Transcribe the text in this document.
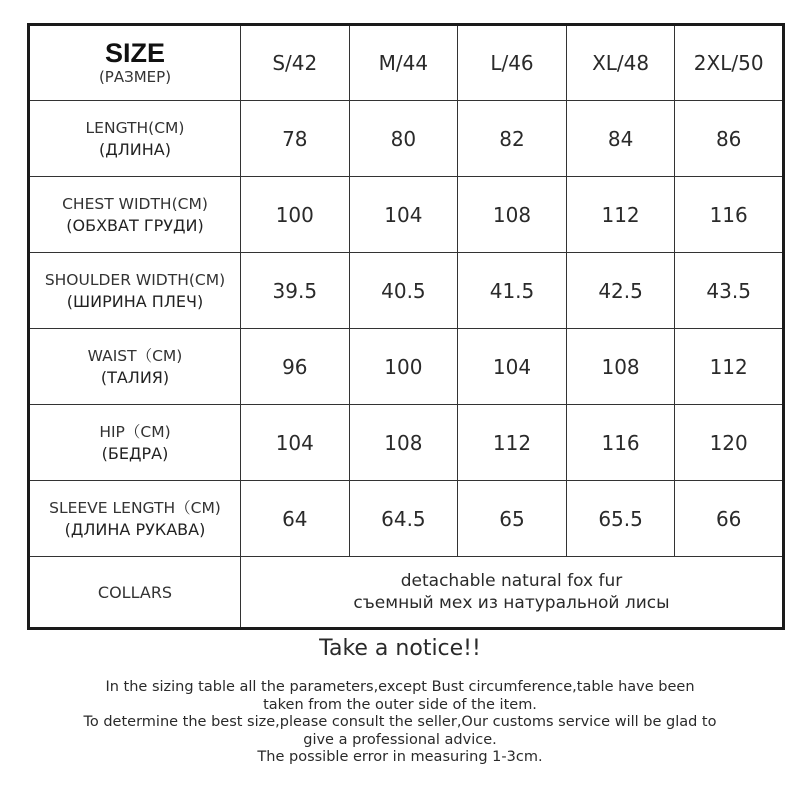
SIZE
(РАЗМЕР)	S/42	M/44	L/46	XL/48	2XL/50

LENGTH(CM)
(ДЛИНА)	78	80	82	84	86

CHEST WIDTH(CM)
(ОБХВАТ ГРУДИ)	100	104	108	112	116

SHOULDER WIDTH(CM)
(ШИРИНА ПЛЕЧ)	39.5	40.5	41.5	42.5	43.5

WAIST（CM)
(ТАЛИЯ)	96	100	104	108	112

HIP（CM)
(БЕДРА)	104	108	112	116	120

SLEEVE LENGTH（CM)
(ДЛИНА РУКАВА)	64	64.5	65	65.5	66
COLLARS	detachable natural fox fur
съемный мех из натуральной лисы				
Take a notice!!
In the sizing table all the parameters,except Bust circumference,table have been
taken from the outer side of the item.
To determine the best size,please consult the seller,Our customs service will be glad to
give a professional advice.
The possible error in measuring 1-3cm.
